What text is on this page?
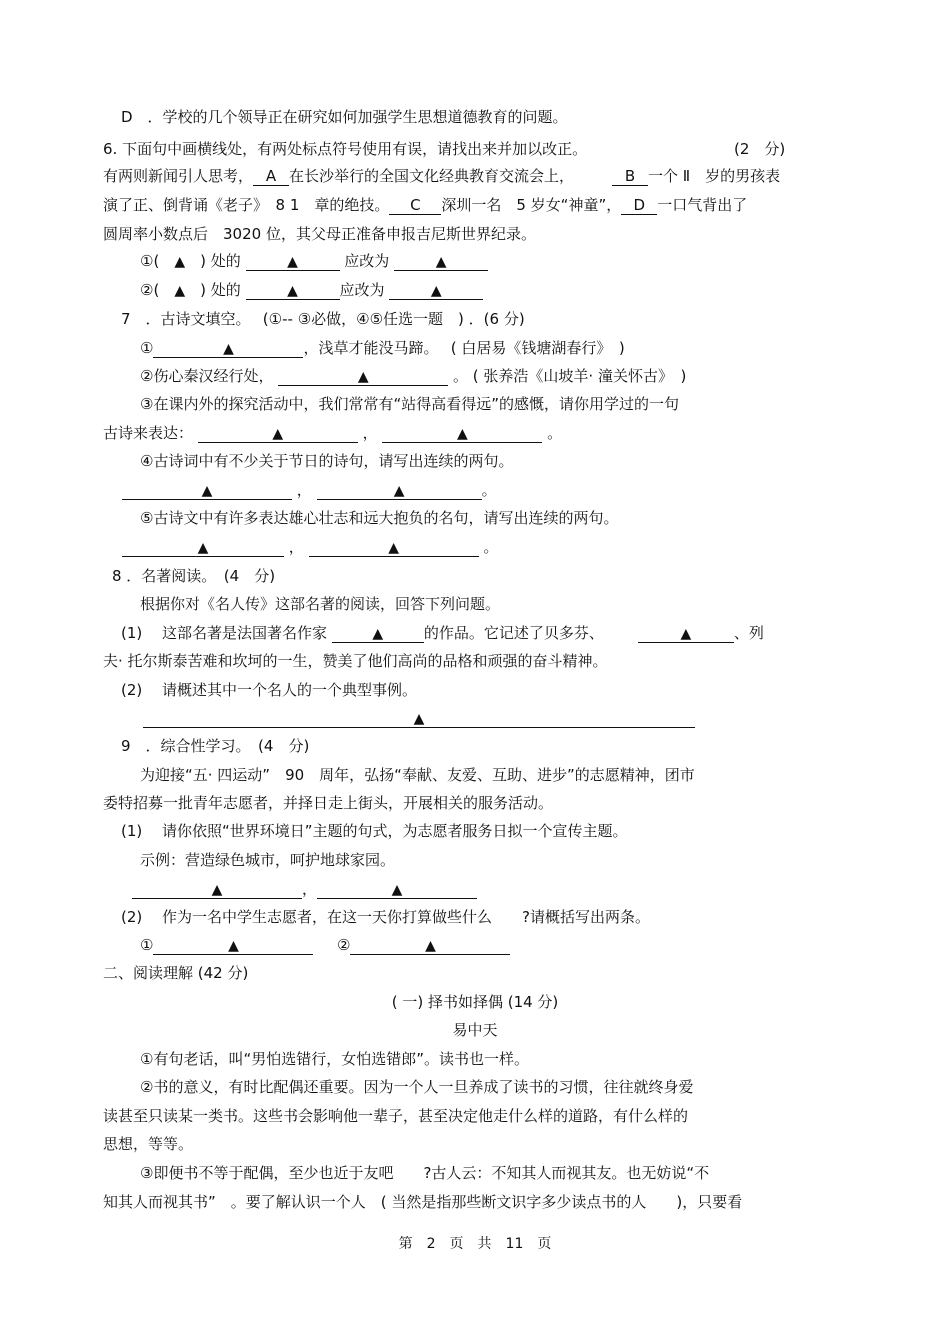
D　．学校的几个领导正在研究如何加强学生思想道德教育的问题。
6. 下面句中画横线处，有两处标点符号使用有误，请找出来并加以改正。	(2　分)
有两则新闻引人思考， A 在长沙举行的全国文化经典教育交流会上，	B 一个 Ⅱ　岁的男孩表
演了正、倒背诵《老子》　8 1　章的绝技。 C 深圳一名　5 岁女“神童”， D 一口气背出了
圆周率小数点后　3020 位，其父母正准备申报吉尼斯世界纪录。
①(　▲　) 处的	▲	应改为	▲
②(　▲　) 处的	▲	应改为	▲
7　．古诗文填空。　 (①-- ③必做，④⑤任选一题　) ．(6 分)
①	▲	，浅草才能没马蹄。　 ( 白居易《钱塘湖春行》　)
②伤心秦汉经行处，	▲	。 ( 张养浩《山坡羊· 潼关怀古》　)
③在课内外的探究活动中，我们常常有“站得高看得远”的感慨，请你用学过的一句
古诗来表达：	▲	，	▲	。
④古诗词中有不少关于节日的诗句，请写出连续的两句。
▲	，	▲	。
⑤古诗文中有许多表达雄心壮志和远大抱负的名句，请写出连续的两句。
▲	，	▲	。
8 ．名著阅读。　(4　分)
根据你对《名人传》这部名著的阅读，回答下列问题。
(1)　 这部名著是法国著名作家	▲	的作品。它记述了贝多芬、	▲	、列
夫· 托尔斯泰苦难和坎坷的一生，赞美了他们高尚的品格和顽强的奋斗精神。
(2)　 请概述其中一个名人的一个典型事例。
▲
9　．综合性学习。　(4　分)
为迎接“五· 四运动”　90　周年，弘扬“奉献、友爱、互助、进步”的志愿精神，团市
委特招募一批青年志愿者，并择日走上街头，开展相关的服务活动。
(1)　 请你依照“世界环境日”主题的句式，为志愿者服务日拟一个宣传主题。
示例：营造绿色城市，呵护地球家园。
▲	，	▲
(2)　 作为一名中学生志愿者，在这一天你打算做些什么　　?请概括写出两条。
①	▲	②	▲
二、阅读理解 (42 分)
( 一) 择书如择偶 (14 分)
易中天
①有句老话，叫“男怕选错行，女怕选错郎”。读书也一样。
②书的意义，有时比配偶还重要。因为一个人一旦养成了读书的习惯，往往就终身爱
读甚至只读某一类书。这些书会影响他一辈子，甚至决定他走什么样的道路，有什么样的
思想，等等。
③即便书不等于配偶，至少也近于友吧　　?古人云：不知其人而视其友。也无妨说“不
知其人而视其书”　。要了解认识一个人　( 当然是指那些断文识字多少读点书的人　　)，只要看
第　2　页　共　11　页
